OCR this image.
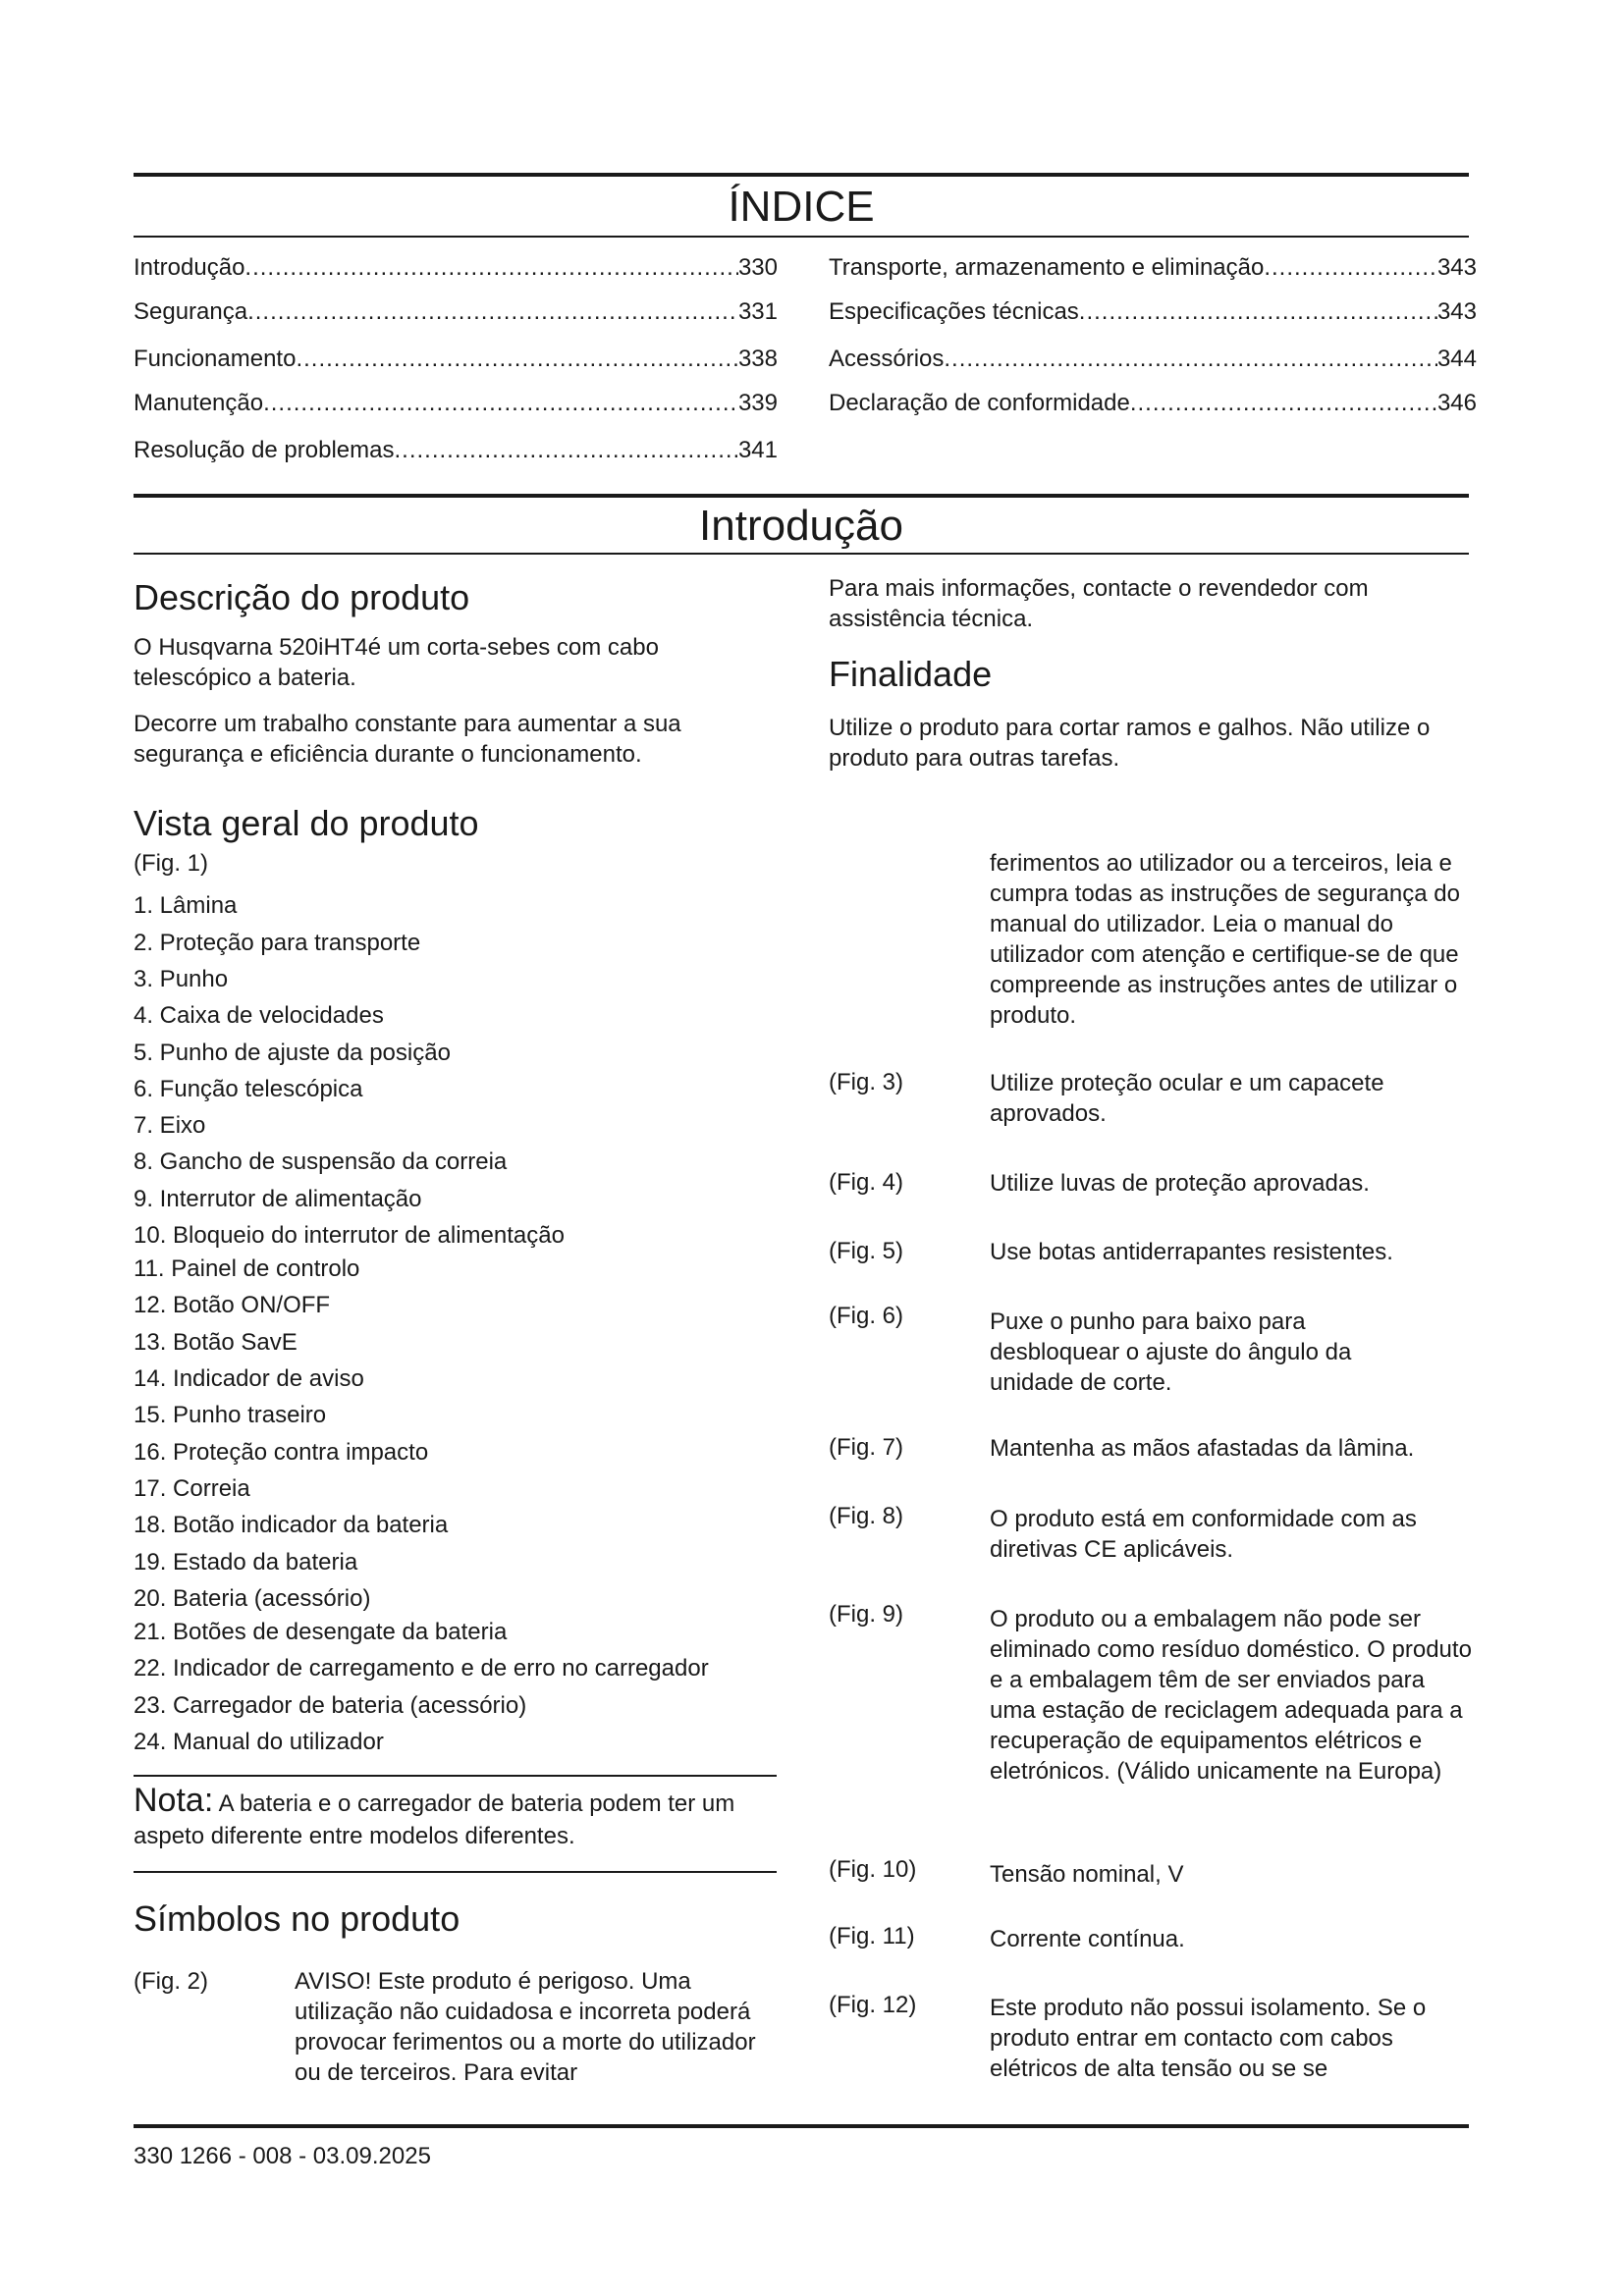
ÍNDICE
Introdução .....	330
Segurança .....	331
Funcionamento .....	338
Manutenção .....	339
Resolução de problemas .....	341
Transporte, armazenamento e eliminação .....	343
Especificações técnicas .....	343
Acessórios .....	344
Declaração de conformidade .....	346
Introdução
Descrição do produto
O Husqvarna 520iHT4é um corta-sebes com cabo telescópico a bateria.
Decorre um trabalho constante para aumentar a sua segurança e eficiência durante o funcionamento.
Vista geral do produto
(Fig. 1)
1. Lâmina
2. Proteção para transporte
3. Punho
4. Caixa de velocidades
5. Punho de ajuste da posição
6. Função telescópica
7. Eixo
8. Gancho de suspensão da correia
9. Interrutor de alimentação
10. Bloqueio do interrutor de alimentação
11. Painel de controlo
12. Botão ON/OFF
13. Botão SavE
14. Indicador de aviso
15. Punho traseiro
16. Proteção contra impacto
17. Correia
18. Botão indicador da bateria
19. Estado da bateria
20. Bateria (acessório)
21. Botões de desengate da bateria
22. Indicador de carregamento e de erro no carregador
23. Carregador de bateria (acessório)
24. Manual do utilizador
Nota: A bateria e o carregador de bateria podem ter um aspeto diferente entre modelos diferentes.
Símbolos no produto
(Fig. 2)	AVISO! Este produto é perigoso. Uma utilização não cuidadosa e incorreta poderá provocar ferimentos ou a morte do utilizador ou de terceiros. Para evitar
Para mais informações, contacte o revendedor com assistência técnica.
Finalidade
Utilize o produto para cortar ramos e galhos. Não utilize o produto para outras tarefas.
ferimentos ao utilizador ou a terceiros, leia e cumpra todas as instruções de segurança do manual do utilizador. Leia o manual do utilizador com atenção e certifique-se de que compreende as instruções antes de utilizar o produto.
(Fig. 3)	Utilize proteção ocular e um capacete aprovados.
(Fig. 4)	Utilize luvas de proteção aprovadas.
(Fig. 5)	Use botas antiderrapantes resistentes.
(Fig. 6)	Puxe o punho para baixo para desbloquear o ajuste do ângulo da unidade de corte.
(Fig. 7)	Mantenha as mãos afastadas da lâmina.
(Fig. 8)	O produto está em conformidade com as diretivas CE aplicáveis.
(Fig. 9)	O produto ou a embalagem não pode ser eliminado como resíduo doméstico. O produto e a embalagem têm de ser enviados para uma estação de reciclagem adequada para a recuperação de equipamentos elétricos e eletrónicos. (Válido unicamente na Europa)
(Fig. 10)	Tensão nominal, V
(Fig. 11)	Corrente contínua.
(Fig. 12)	Este produto não possui isolamento. Se o produto entrar em contacto com cabos elétricos de alta tensão ou se se
330 1266 - 008 - 03.09.2025
